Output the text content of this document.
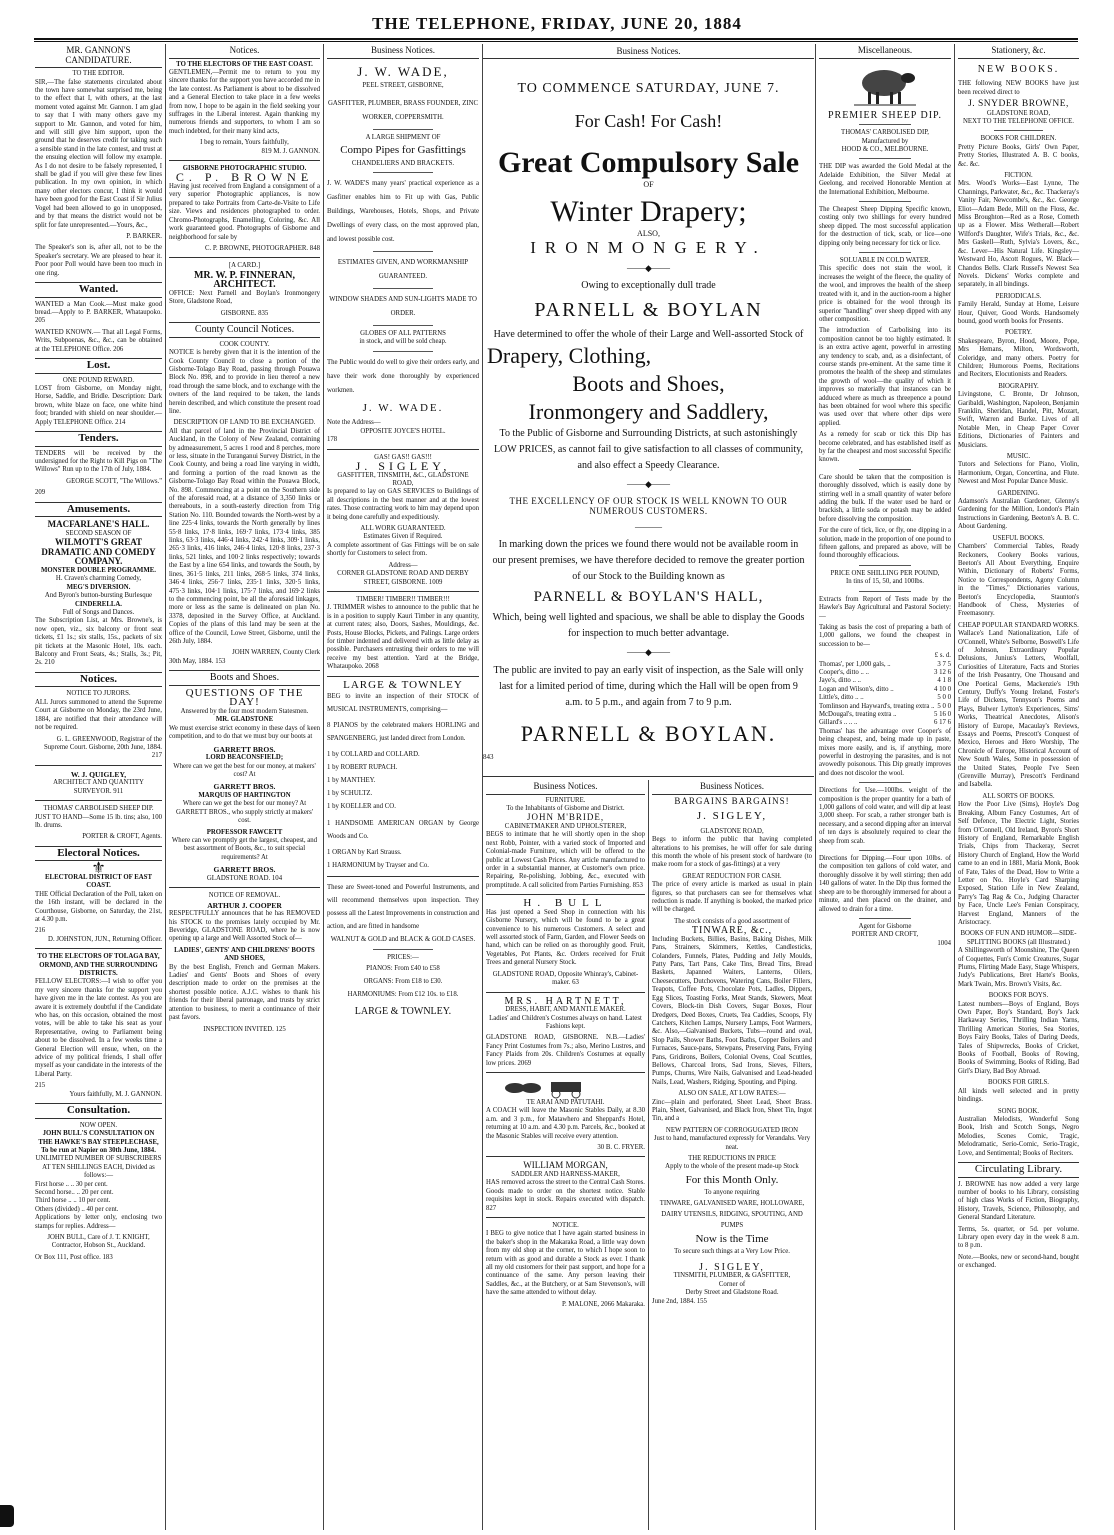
THE TELEPHONE, FRIDAY, JUNE 20, 1884
MR. GANNON'S CANDIDATURE.
TO THE EDITOR.

SIR,—The false statements circulated about the town have somewhat surprised me, being to the effect that I, with others, at the last moment voted against Mr. Gannon. I am glad to say that I with many others gave my support to Mr. Gannon, and voted for him, and will still give him support, upon the ground that he deserves credit for taking such a sensible stand in the late contest, and trust at the ensuing election will follow my example. As I do not desire to be falsely represented, I shall be glad if you will give these few lines publication. In my own opinion, in which many other electors concur, I think it would have been good for the East Coast if Sir Julius Vogel had been allowed to go in unopposed, and by that means the district would not be split for fate unrepresented.—Yours, &c.,

P. BARKER.

The Speaker's son is, after all, not to be the Speaker's secretary. We are pleased to hear it. Poor poor Poll would have been too much in one ring.

Wanted.

WANTED a Man Cook.—Must make good bread.—Apply to P. BARKER, Whataupoko. 205

WANTED KNOWN.— That all Legal Forms, Writs, Subpoenas, &c., &c., can be obtained at the TELEPHONE Office. 206

Lost.
ONE POUND REWARD.

LOST from Gisborne, on Monday night, Horse, Saddle, and Bridle. Description: Dark brown, white blaze on face, one white hind foot; branded with shield on near shoulder.—Apply TELEPHONE Office. 214

Tenders.

TENDERS will be received by the undersigned for the Right to Kill Pigs on "The Willows" Run up to the 17th of July, 1884.

GEORGE SCOTT, "The Willows."

209
Amusements.
MACFARLANE'S HALL.
SECOND SEASON OF
WILMOTT'S GREAT DRAMATIC AND COMEDY COMPANY.
MONSTER DOUBLE PROGRAMME.
H. Craven's charming Comedy,
MEG'S DIVERSION.
And Byron's button-bursting Burlesque
CINDERELLA.
Full of Songs and Dances.

The Subscription List, at Mrs. Browne's, is now open, viz., six balcony or front seat tickets, £1 1s.; six stalls, 15s., packets of six pit tickets at the Masonic Hotel, 10s. each. Balcony and Front Seats, 4s.; Stalls, 3s.; Pit, 2s. 210

Notices.
NOTICE TO JURORS.

ALL Jurors summoned to attend the Supreme Court at Gisborne on Monday, the 23rd June, 1884, are notified that their attendance will not be required.

G. L. GREENWOOD, Registrar of the Supreme Court. Gisborne, 20th June, 1884. 217

W. J. QUIGLEY,
ARCHITECT AND QUANTITY SURVEYOR. 911
THOMAS' CARBOLISED SHEEP DIP.

JUST TO HAND—Some 15 lb. tins; also, 100 lb. drums.

PORTER & CROFT, Agents.

Electoral Notices.
⚜
ELECTORAL DISTRICT OF EAST COAST.

THE Official Declaration of the Poll, taken on the 16th instant, will be declared in the Courthouse, Gisborne, on Saturday, the 21st, at 4.30 p.m.

216

D. JOHNSTON, JUN., Returning Officer.

TO THE ELECTORS OF TOLAGA BAY, ORMOND, AND THE SURROUNDING DISTRICTS.

FELLOW ELECTORS:—I wish to offer you my very sincere thanks for the support you have given me in the late contest. As you are aware it is extremely doubtful if the Candidate who has, on this occasion, obtained the most votes, will be able to take his seat as your Representative, owing to Parliament being about to be dissolved. In a few weeks time a General Election will ensue, when, on the advice of my political friends, I shall offer myself as your candidate in the interests of the Liberal Party.

215

Yours faithfully, M. J. GANNON.

Consultation.
NOW OPEN.
JOHN BULL'S CONSULTATION ON THE HAWKE'S BAY STEEPLECHASE, To be run at Napier on 30th June, 1884.
UNLIMITED NUMBER OF SUBSCRIBERS AT TEN SHILLINGS EACH, Divided as follows:—
First horse .. .. 30 per cent.
Second horse.. .. 20 per cent.
Third horse .. .. 10 per cent.
Others (divided) .. 40 per cent.

Applications by letter only, enclosing two stamps for replies. Address—

JOHN BULL, Care of J. T. KNIGHT, Contractor, Hobson St., Auckland.

Or Box 111, Post office. 183
Notices.
TO THE ELECTORS OF THE EAST COAST.

GENTLEMEN,—Permit me to return to you my sincere thanks for the support you have accorded me in the late contest. As Parliament is about to be dissolved and a General Election to take place in a few weeks from now, I hope to be again in the field seeking your suffrages in the Liberal interest. Again thanking my numerous friends and supporters, to whom I am so much indebted, for their many kind acts,

I beg to remain, Yours faithfully,
819 M. J. GANNON.
GISBORNE PHOTOGRAPHIC STUDIO.
C. P. BROWNE

Having just received from England a consignment of a very superior Photographic appliances, is now prepared to take Portraits from Carte-de-Visite to Life size. Views and residences photographed to order. Chromo-Photographs, Enamelling, Coloring, &c. All work guaranteed good. Photographs of Gisborne and neighborhood for sale by

C. P. BROWNE, PHOTOGRAPHER. 848
[A CARD.]
MR. W. P. FINNERAN, ARCHITECT.

OFFICE: Next Parnell and Boylan's Ironmongery Store, Gladstone Road,

GISBORNE. 835
County Council Notices.
COOK COUNTY.

NOTICE is hereby given that it is the intention of the Cook County Council to close a portion of the Gisborne-Tolago Bay Road, passing through Pouawa Block No. 898, and to provide in lieu thereof a new road through the same block, and to exchange with the owners of the land required to be taken, the lands herein described, and which constitute the present road line.

DESCRIPTION OF LAND TO BE EXCHANGED.

All that parcel of land in the Provincial District of Auckland, in the Colony of New Zealand, containing by admeasurement, 5 acres 1 rood and 8 perches, more or less, situate in the Turanganui Survey District, in the Cook County, and being a road line varying in width, and forming a portion of the road known as the Gisborne-Tolago Bay Road within the Pouawa Block, No. 898. Commencing at a point on the Southern side of the aforesaid road, at a distance of 3,350 links or thereabouts, in a south-easterly direction from Trig Station No. 110. Bounded towards the North-west by a line 225·4 links, towards the North generally by lines 55·8 links, 17·8 links, 169·7 links, 173·4 links, 385 links, 63·3 links, 446·4 links, 242·4 links, 309·1 links, 265·3 links, 416 links, 246·4 links, 120·8 links, 237·3 links, 521 links, and 100·2 links respectively; towards the East by a line 654 links, and towards the South, by lines, 361·5 links, 211 links, 268·5 links, 374 links, 346·4 links, 256·7 links, 235·1 links, 320·5 links, 475·3 links, 104·1 links, 175·7 links, and 169·2 links to the commencing point, be all the aforesaid linkages, more or less as the same is delineated on plan No. 3378, deposited in the Survey Office, at Auckland. Copies of the plans of this land may be seen at the office of the Council, Lowe Street, Gisborne, until the 26th July, 1884.

JOHN WARREN, County Clerk
30th May, 1884. 153
Boots and Shoes.
QUESTIONS OF THE DAY!
Answered by the four most modern Statesmen.
MR. GLADSTONE

We must exercise strict economy in these days of keen competition, and to do that we must buy our boots at

GARRETT BROS.
LORD BEACONSFIELD;

Where can we get the best for our money, at makers' cost? At

GARRETT BROS.
MARQUIS OF HARTINGTON

Where can we get the best for our money? At GARRETT BROS., who supply strictly at makers' cost.

PROFESSOR FAWCETT

Where can we promptly get the largest, cheapest, and best assortment of Boots, &c., to suit special requirements? At

GARRETT BROS.
GLADSTONE ROAD. 104
NOTICE OF REMOVAL.
ARTHUR J. COOPER

RESPECTFULLY announces that he has REMOVED his STOCK to the premises lately occupied by Mr. Beveridge, GLADSTONE ROAD, where he is now opening up a large and Well Assorted Stock of—

LADIES', GENTS' AND CHILDRENS' BOOTS AND SHOES,

By the best English, French and German Makers. Ladies' and Gents' Boots and Shoes of every description made to order on the premises at the shortest possible notice. A.J.C. wishes to thank his friends for their liberal patronage, and trusts by strict attention to business, to merit a continuance of their past favors.

INSPECTION INVITED. 125
Business Notices.
J. W. WADE,
PEEL STREET, GISBORNE,
GASFITTER, PLUMBER, BRASS FOUNDER, ZINC WORKER, COPPERSMITH.
A LARGE SHIPMENT OF
Compo Pipes for Gasfittings
CHANDELIERS AND BRACKETS.

J. W. WADE'S many years' practical experience as a Gasfitter enables him to Fit up with Gas, Public Buildings, Warehouses, Hotels, Shops, and Private Dwellings of every class, on the most approved plan, and lowest possible cost.

ESTIMATES GIVEN, AND WORKMANSHIP GUARANTEED.
WINDOW SHADES AND SUN-LIGHTS MADE TO ORDER.
GLOBES OF ALL PATTERNS
in stock, and will be sold cheap.

The Public would do well to give their orders early, and have their work done thoroughly by experienced workmen.

J. W. WADE.
Note the Address—
OPPOSITE JOYCE'S HOTEL.
178
GAS! GAS!! GAS!!!
J. SIGLEY,
GASFITTER, TINSMITH, &C., GLADSTONE ROAD,

Is prepared to lay on GAS SERVICES to Buildings of all descriptions in the best manner and at the lowest rates. Those contracting work to him may depend upon it being done carefully and expeditiously.

ALL WORK GUARANTEED.
Estimates Given if Required.

A complete assortment of Gas Fittings will be on sale shortly for Customers to select from.

Address—
CORNER GLADSTONE ROAD AND DERBY STREET, GISBORNE. 1009
TIMBER! TIMBER!! TIMBER!!!

J. TRIMMER wishes to announce to the public that he is in a position to supply Kauri Timber in any quantity, at current rates; also, Doors, Sashes, Mouldings, &c. Posts, House Blocks, Pickets, and Palings. Large orders for timber indented and delivered with as little delay as possible. Purchasers entrusting their orders to me will receive my best attention. Yard at the Bridge, Whataupoko. 2068

LARGE & TOWNLEY

BEG to invite an inspection of their STOCK of MUSICAL INSTRUMENTS, comprising—

8 PIANOS by the celebrated makers HORLING and SPANGENBERG, just landed direct from London.

1 by COLLARD and COLLARD.
1 by ROBERT RUPACH.
1 by MANTHEY.
1 by SCHULTZ.
1 by KOELLER and CO.

1 HANDSOME AMERICAN ORGAN by George Woods and Co.

1 ORGAN by Karl Strauss.
1 HARMONIUM by Trayser and Co.

These are Sweet-toned and Powerful Instruments, and will recommend themselves upon inspection. They possess all the Latest Improvements in construction and action, and are fitted in handsome

WALNUT & GOLD and BLACK & GOLD CASES.
PRICES:—
PIANOS: From £40 to £58
ORGANS: From £18 to £30.
HARMONIUMS: From £12 10s. to £18.
LARGE & TOWNLEY.
Business Notices.
TO COMMENCE SATURDAY, JUNE 7.
For Cash! For Cash!
Great Compulsory Sale
OF
Winter Drapery;
ALSO,
IRONMONGERY.
——◆——
Owing to exceptionally dull trade
PARNELL & BOYLAN
Have determined to offer the whole of their Large and Well-assorted Stock of
Drapery, Clothing,
Boots and Shoes,
Ironmongery and Saddlery,
To the Public of Gisborne and Surrounding Districts, at such astonishingly LOW PRICES, as cannot fail to give satisfaction to all classes of community, and also effect a Speedy Clearance.
——◆——
THE EXCELLENCY OF OUR STOCK IS WELL KNOWN TO OUR NUMEROUS CUSTOMERS.
———
In marking down the prices we found there would not be available room in our present premises, we have therefore decided to remove the greater portion of our Stock to the Building known as
PARNELL & BOYLAN'S HALL,
Which, being well lighted and spacious, we shall be able to display the Goods for inspection to much better advantage.
——◆——
The public are invited to pay an early visit of inspection, as the Sale will only last for a limited period of time, during which the Hall will be open from 9 a.m. to 5 p.m., and again from 7 to 9 p.m.
PARNELL & BOYLAN.
843
Business Notices.
FURNITURE.
To the Inhabitants of Gisborne and District.
JOHN M'BRIDE,
CABINETMAKER AND UPHOLSTERER,

BEGS to intimate that he will shortly open in the shop next Robb, Pointer, with a varied stock of Imported and Colonial-made Furniture, which will be offered to the public at Lowest Cash Prices. Any article manufactured to order in a substantial manner, at Customer's own price. Repairing, Re-polishing, Jobbing, &c., executed with promptitude. A call solicited from Parties Furnishing. 853

H. BULL

Has just opened a Seed Shop in connection with his Gisborne Nursery, which will be found to be a great convenience to his numerous Customers. A select and well assorted stock of Farm, Garden, and Flower Seeds on hand, which can be relied on as thoroughly good. Fruit, Vegetables, Pot Plants, &c. Orders received for Fruit Trees and general Nursery Stock.

GLADSTONE ROAD, Opposite Whinray's, Cabinet-maker. 63
MRS. HARTNETT,
DRESS, HABIT, AND MANTLE MAKER.

Ladies' and Children's Costumes always on hand. Latest Fashions kept.

GLADSTONE ROAD, GISBORNE. N.B.—Ladies' Fancy Print Costumes from 7s.; also, Merino Lustres, and Fancy Plaids from 20s. Children's Costumes at equally low prices. 2069

TE ARAI AND PATUTAHI.

A COACH will leave the Masonic Stables Daily, at 8.30 a.m. and 3 p.m., for Matawhero and Sheppard's Hotel, returning at 10 a.m. and 4.30 p.m. Parcels, &c., booked at the Masonic Stables will receive every attention.

30 B. C. FRYER.
WILLIAM MORGAN,
SADDLER AND HARNESS-MAKER,

HAS removed across the street to the Central Cash Stores. Goods made to order on the shortest notice. Stable requisites kept in stock. Repairs executed with dispatch. 827

NOTICE.

I BEG to give notice that I have again started business in the baker's shop in the Makaraka Road, a little way down from my old shop at the corner, to which I hope soon to return with as good and durable a Stock as ever. I thank all my old customers for their past support, and hope for a continuance of the same. Any person leaving their Saddles, &c., at the Butchery, or at Sam Stevenson's, will have the same attended to without delay.

P. MALONE, 2066 Makaraka.
Business Notices.
BARGAINS BARGAINS!
J. SIGLEY,
GLADSTONE ROAD,

Begs to inform the public that having completed alterations to his premises, he will offer for sale during this month the whole of his present stock of hardware (to make room for a stock of gas-fittings) at a very

GREAT REDUCTION FOR CASH.

The price of every article is marked as usual in plain figures, so that purchasers can see for themselves what reduction is made. If anything is booked, the marked price will be charged.

The stock consists of a good assortment of
TINWARE, &c.,

Including Buckets, Billies, Basins, Baking Dishes, Milk Pans, Strainers, Skimmers, Kettles, Candlesticks, Colanders, Funnels, Plates, Pudding and Jelly Moulds, Patty Pans, Tart Pans, Cake Tins, Bread Tins, Bread Baskets, Japanned Waiters, Lanterns, Oilers, Cheesecutters, Dutchovens, Watering Cans, Boiler Fillers, Teapots, Coffee Pots, Chocolate Pots, Ladles, Dippers, Egg Slices, Toasting Forks, Meat Stands, Skewers, Meat Covers, Block-tin Dish Covers, Sugar Boxes, Flour Dredgers, Deed Boxes, Cruets, Tea Caddies, Scoops, Fly Catchers, Kitchen Lamps, Nursery Lamps, Foot Warmers, &c. Also,—Galvanised Buckets, Tubs—round and oval, Slop Pails, Shower Baths, Foot Baths, Copper Boilers and Furnaces, Sauce-pans, Stewpans, Preserving Pans, Frying Pans, Gridirons, Boilers, Colonial Ovens, Coal Scuttles, Bellows, Charcoal Irons, Sad Irons, Sieves, Filters, Pumps, Churns, Wire Nails, Galvanised and Lead-headed Nails, Lead, Washers, Ridging, Spouting, and Piping.

ALSO ON SALE, AT LOW RATES:—

Zinc—plain and perforated, Sheet Lead, Sheet Brass. Plain, Sheet, Galvanised, and Black Iron, Sheet Tin, Ingot Tin, and a

NEW PATTERN OF CORROGUGATED IRON

Just to hand, manufactured expressly for Verandahs. Very neat.

THE REDUCTIONS IN PRICE

Apply to the whole of the present made-up Stock

For this Month Only.
To anyone requiring
TINWARE, GALVANISED WARE, HOLLOWARE, DAIRY UTENSILS, RIDGING, SPOUTING, AND PUMPS
Now is the Time
To secure such things at a Very Low Price.
J. SIGLEY,
TINSMITH, PLUMBER, & GASFITTER,
Corner of
Derby Street and Gladstone Road.
June 2nd, 1884. 155
Miscellaneous.
PREMIER SHEEP DIP.
THOMAS' CARBOLISED DIP,
Manufactured by
HOOD & CO., MELBOURNE.

THE DIP was awarded the Gold Medal at the Adelaide Exhibition, the Silver Medal at Geelong, and received Honorable Mention at the International Exhibition, Melbourne.

The Cheapest Sheep Dipping Specific known, costing only two shillings for every hundred sheep dipped. The most successful application for the destruction of tick, scab, or lice—one dipping only being necessary for tick or lice.

SOLUABLE IN COLD WATER.

This specific does not stain the wool, it increases the weight of the fleece, the quality of the wool, and improves the health of the sheep treated with it, and in the auction-room a higher price is obtained for the wool through its superior "handling" over sheep dipped with any other composition.

The introduction of Carbolising into its composition cannot be too highly estimated. It is an extra active agent, powerful in arresting any tendency to scab, and, as a disinfectant, of course stands pre-eminent. At the same time it promotes the health of the sheep and stimulates the growth of wool—the quality of which it improves so materially that instances can be adduced where as much as threepence a pound has been obtained for wool where this specific was used over that where other dips were applied.

As a remedy for scab or tick this Dip has become celebrated, and has established itself as by far the cheapest and most successful Specific known.

Care should be taken that the composition is thoroughly dissolved, which is easily done by stirring well in a small quantity of water before adding the bulk. If the water used be hard or brackish, a little soda or potash may be added before dissolving the composition.

For the cure of tick, lice, or fly, one dipping in a solution, made in the proportion of one pound to fifteen gallons, and prepared as above, will be found thoroughly efficacious.

PRICE ONE SHILLING PER POUND,
In tins of 15, 50, and 100lbs.

Extracts from Report of Tests made by the Hawke's Bay Agricultural and Pastoral Society:—

Taking as basis the cost of preparing a bath of 1,000 gallons, we found the cheapest in succession to be—

£ s. d.
Thomas', per 1,000 gals, ..	3 7 5
Cooper's, ditto .. ..	3 12 6
Jaye's, ditto .. ..	4 1 8
Logan and Wilson's, ditto ..	4 10 0
Little's, ditto .. ..	5 0 0
Tomlinson and Hayward's, treating extra .. 5 0 0
McDougal's, treating extra ..	5 16 0
Gillard's .. .. ..	6 17 6

Thomas' has the advantage over Cooper's of being cheapest, and, being made up in paste, mixes more easily, and is, if anything, more powerful in destroying the parasites, and is not avowedly poisonous. This Dip greatly improves and does not discolor the wool.

Directions for Use.—100lbs. weight of the composition is the proper quantity for a bath of 1,000 gallons of cold water, and will dip at least 3,000 sheep. For scab, a rather stronger bath is necessary, and a second dipping after an interval of ten days is absolutely required to clear the sheep from scab.

Directions for Dipping.—Four upon 10lbs. of the composition ten gallons of cold water, and thoroughly dissolve it by well stirring; then add 140 gallons of water. In the Dip thus formed the sheep are to be thoroughly immersed for about a minute, and then placed on the drainer, and allowed to drain for a time.

Agent for Gisborne
PORTER AND CROFT,
1004
Stationery, &c.
NEW BOOKS.

THE following NEW BOOKS have just been received direct to

J. SNYDER BROWNE,
GLADSTONE ROAD,
NEXT TO THE TELEPHONE OFFICE.
BOOKS FOR CHILDREN.

Pretty Picture Books, Girls' Own Paper, Pretty Stories, Illustrated A. B. C books, &c. &c.

FICTION.

Mrs. Wood's Works—East Lynne, The Channings, Parkwater, &c., &c. Thackeray's Vanity Fair, Newcombe's, &c., &c. George Eliot—Adam Bede, Mill on the Floss, &c. Miss Broughton—Red as a Rose, Cometh up as a Flower. Miss Wetherall—Robert Wilford's Daughter, Wife's Trials, &c., &c. Mrs Gaskell—Ruth, Sylvia's Lovers, &c., &c. Lever—His Natural Life. Kingsley—Westward Ho, Ascott Rogues, W. Black—Chandos Bells. Clark Russel's Newest Sea Novels. Dickens' Works complete and separately, in all bindings.

PERIODICALS.

Family Herald, Sunday at Home, Leisure Hour, Quiver, Good Words. Handsomely bound, good worth books for Presents.

POETRY.

Shakespeare, Byron, Hood, Moore, Pope, Mrs Hemans, Milton, Wordsworth, Coleridge, and many others. Poetry for Children; Humorous Poems, Recitations and Reciters, Elocutionists and Readers.

BIOGRAPHY.

Livingstone, C. Bronte, Dr Johnson, Garibaldi, Washington, Napoleon, Benjamin Franklin, Sheridan, Handel, Pitt, Mozart, Swift, Warren and Burke. Lives of all Notable Men, in Cheap Paper Cover Editions, Dictionaries of Painters and Musicians.

MUSIC.

Tutors and Selections for Piano, Violin, Harmonium, Organ, Concertina, and Flute. Newest and Most Popular Dance Music.

GARDENING.

Adamson's Australian Gardener, Glenny's Gardening for the Million, London's Plain Instructions in Gardening, Beeton's A. B. C. About Gardening.

USEFUL BOOKS.

Chambers' Commercial Tables, Ready Reckoners, Cookery Books various, Beeton's All About Everything, Enquire Within, Dictionary of Roberts' Forms, Notice to Correspondents, Agony Column in the "Times," Dictionaries various, Beeton's Encyclopedia, Staunton's Handbook of Chess, Mysteries of Freemasonry.

CHEAP POPULAR STANDARD WORKS.

Wallace's Land Nationalization, Life of O'Connell, White's Selborne, Boswell's Life of Johnson, Extraordinary Popular Delusions, Junius's Letters, Woolfall, Curiosities of Literature, Facts and Stories of the Irish Peasantry, One Thousand and One Poetical Gems, Mackenzie's 19th Century, Duffy's Young Ireland, Foster's Life of Dickens, Tennyson's Poems and Plays, Bulwer Lytton's Experiences, Sims' Works, Theatrical Anecdotes, Alison's History of Europe, Macaulay's Reviews, Essays and Poems, Prescott's Conquest of Mexico, Heroes and Hero Worship, The Chronicle of Europe, Historical Account of New South Wales, Some in possession of the United States, People I've Seen (Grenville Murray), Prescott's Ferdinand and Isabella.

ALL SORTS OF BOOKS.

How the Poor Live (Sims), Hoyle's Dog Breaking, Album Fancy Costumes, Art of Self Defence, The Electric Light, Stories from O'Connell, Old Ireland, Byron's Short History of England, Remarkable English Trials, Chips from Thackeray, Secret History Church of England, How the World came to an end in 1881, Maria Monk, Book of Fate, Tales of the Dead, How to Write a Letter on No. Hoyle's Card Sharping Exposed, Station Life in New Zealand, Parry's Tag Rag & Co., Judging Character by Face, Uncle Lee's Fenian Conspiracy, Harvest England, Manners of the Aristocracy.

BOOKS OF FUN AND HUMOR—SIDE-SPLITTING BOOKS (all Illustrated.)

A Shillingsworth of Moonshine, The Queen of Coquettes, Fun's Comic Creatures, Sugar Plums, Flirting Made Easy, Stage Whispers, Judy's Publications, Bret Harte's Books, Mark Twain, Mrs. Brown's Visits, &c.

BOOKS FOR BOYS.

Latest numbers—Boys of England, Boys Own Paper, Boy's Standard, Boy's Jack Harkaway Series, Thrilling Indian Yarns, Thrilling American Stories, Sea Stories, Boys Fairy Books, Tales of Daring Deeds, Tales of Shipwrecks, Books of Cricket, Books of Football, Books of Rowing, Books of Swimming, Books of Riding, Bad Girl's Diary, Bad Boy Abroad.

BOOKS FOR GIRLS.

All kinds well selected and in pretty bindings.

SONG BOOK.

Australian Melodists, Wonderful Song Book, Irish and Scotch Songs, Negro Melodies, Scenes Comic, Tragic, Melodramatic, Serio-Comic, Serio-Tragic, Love, and Sentimental; Books of Reciters.

Circulating Library.

J. BROWNE has now added a very large number of books to his Library, consisting of high class Works of Fiction, Biography, History, Travels, Science, Philosophy, and General Standard Literature.

Terms, 5s. quarter, or 5d. per volume. Library open every day in the week 8 a.m. to 8 p.m.

Note.—Books, new or second-hand, bought or exchanged.
